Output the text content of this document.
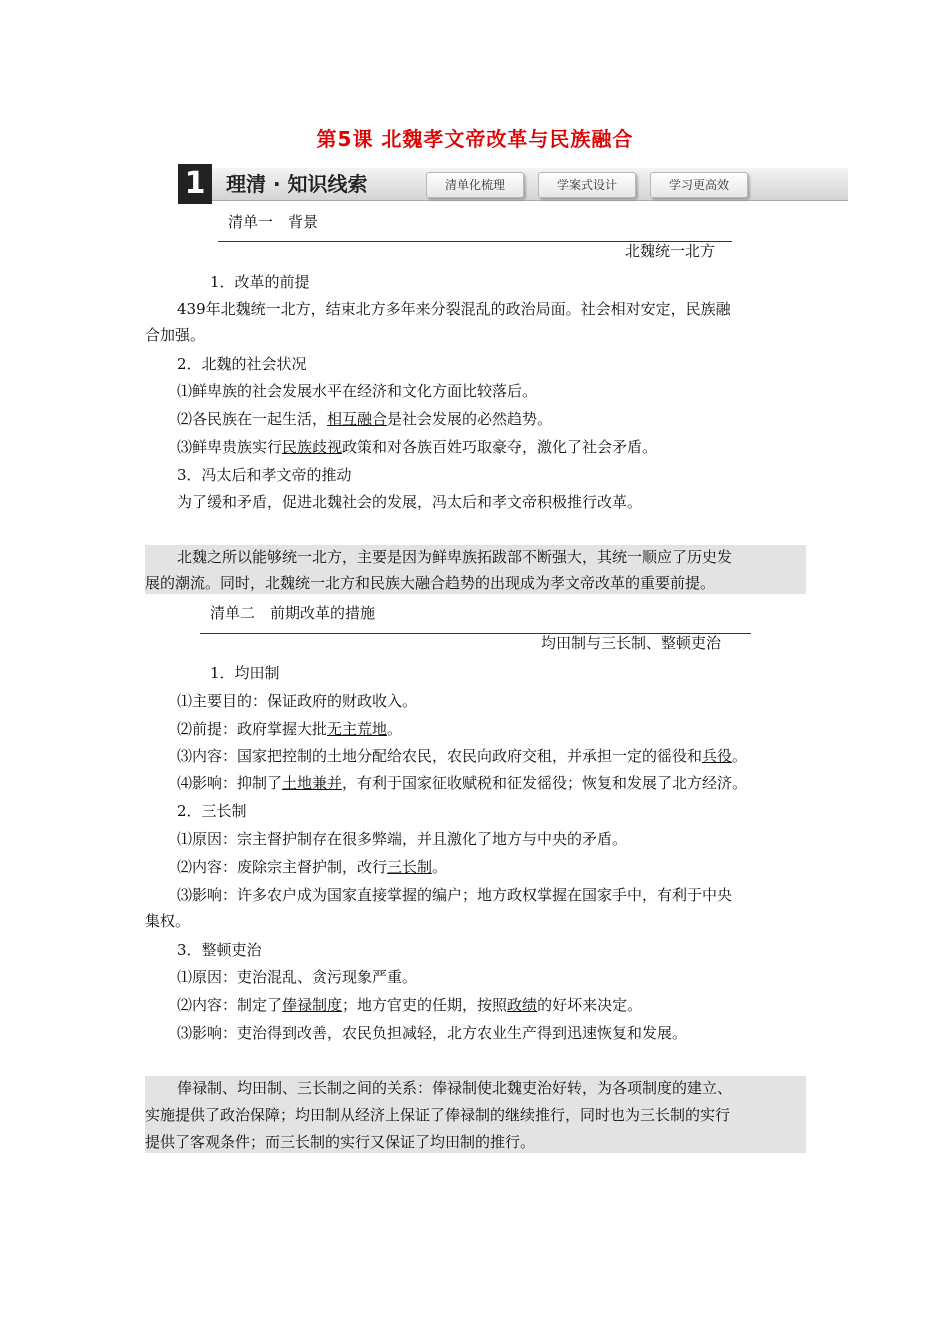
第5课 北魏孝文帝改革与民族融合
1	理清 · 知识线索	清单化梳理	学案式设计	学习更高效
清单一　背景
北魏统一北方
1．改革的前提
439年北魏统一北方，结束北方多年来分裂混乱的政治局面。社会相对安定，民族融
合加强。
2．北魏的社会状况
⑴鲜卑族的社会发展水平在经济和文化方面比较落后。
⑵各民族在一起生活，相互融合是社会发展的必然趋势。
⑶鲜卑贵族实行民族歧视政策和对各族百姓巧取豪夺，激化了社会矛盾。
3．冯太后和孝文帝的推动
为了缓和矛盾，促进北魏社会的发展，冯太后和孝文帝积极推行改革。
北魏之所以能够统一北方，主要是因为鲜卑族拓跋部不断强大，其统一顺应了历史发
展的潮流。同时，北魏统一北方和民族大融合趋势的出现成为孝文帝改革的重要前提。
清单二　前期改革的措施
均田制与三长制、整顿吏治
1．均田制
⑴主要目的：保证政府的财政收入。
⑵前提：政府掌握大批无主荒地。
⑶内容：国家把控制的土地分配给农民，农民向政府交租，并承担一定的徭役和兵役。
⑷影响：抑制了土地兼并，有利于国家征收赋税和征发徭役；恢复和发展了北方经济。
2．三长制
⑴原因：宗主督护制存在很多弊端，并且激化了地方与中央的矛盾。
⑵内容：废除宗主督护制，改行三长制。
⑶影响：许多农户成为国家直接掌握的编户；地方政权掌握在国家手中，有利于中央
集权。
3．整顿吏治
⑴原因：吏治混乱、贪污现象严重。
⑵内容：制定了俸禄制度；地方官吏的任期，按照政绩的好坏来决定。
⑶影响：吏治得到改善，农民负担减轻，北方农业生产得到迅速恢复和发展。
俸禄制、均田制、三长制之间的关系：俸禄制使北魏吏治好转，为各项制度的建立、
实施提供了政治保障；均田制从经济上保证了俸禄制的继续推行，同时也为三长制的实行
提供了客观条件；而三长制的实行又保证了均田制的推行。
